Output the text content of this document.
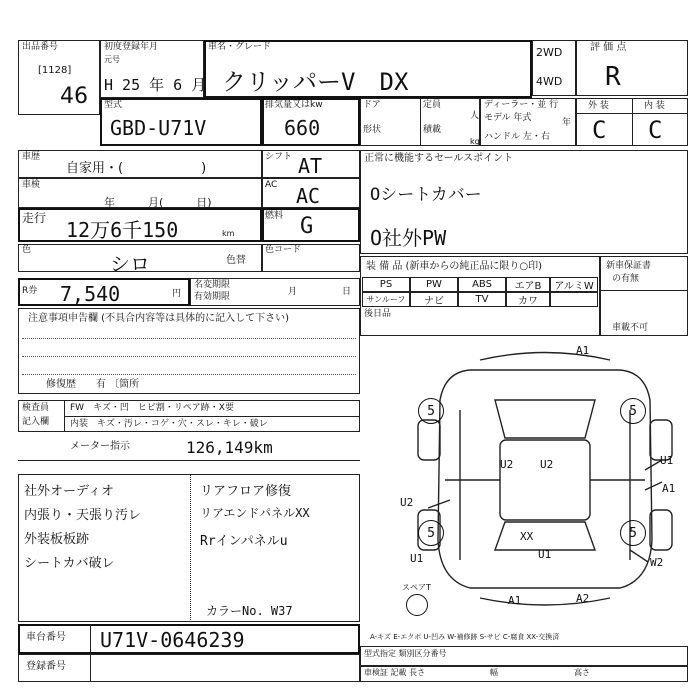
出品番号
[1128]
46
初度登録年月
元号
H 25 年 6 月
車名・グレード
クリッパーV　DX
2WD
4WD
評 価 点
R
型式
GBD-U71V
排気量又はkw
660
ドア
形状
定員
人
積載
kg
ディーラー・並 行
モデル 年式	年
ハンドル 左・右
外 装	内 装
C C
車歴
自家用・(　　　　　　)
シフト AT
車検
年　　　月(　　　日)
AC AC
走行 12万6千150	km
燃料 G
色
シロ	色替
色コード
正常に機能するセールスポイント
Oシートカバー
O社外PW
R券 7,540	円
名変期限
有効期限	月	日
装 備 品 (新車からの純正品に限り○印)
PS	PW	ABS	エアB	アルミW
サンルーフ	ナビ	TV	カワ
後日品
新車保証書
の有無
車載不可
注意事項申告欄 (不具合内容等は具体的に記入して下さい)
修復歴　　有 〔箇所
検査員
記入欄
FW　キズ・凹　ヒビ割・リペア跡・X要
内装　キズ・汚レ・コゲ・穴・スレ・キレ・破レ
メーター指示	126,149km
社外オーディオ
内張り・天張り汚レ
外装板板跡
シートカバ破レ
リアフロア修復
リアエンドパネルXX
Rrインパネルu
カラーNo. W37
A1
U2 U2	U1
A1
U2
XX
U1
U1	W2
A1	A2
5	5
5	5
スペアT
車台番号 U71V-0646239
登録番号
A-キズ E-エクボ U-凹み W-補修跡 S-サビ C-腐食 XX-交換済
型式指定 類別区分番号
車検証 記載 長さ	幅	高さ
